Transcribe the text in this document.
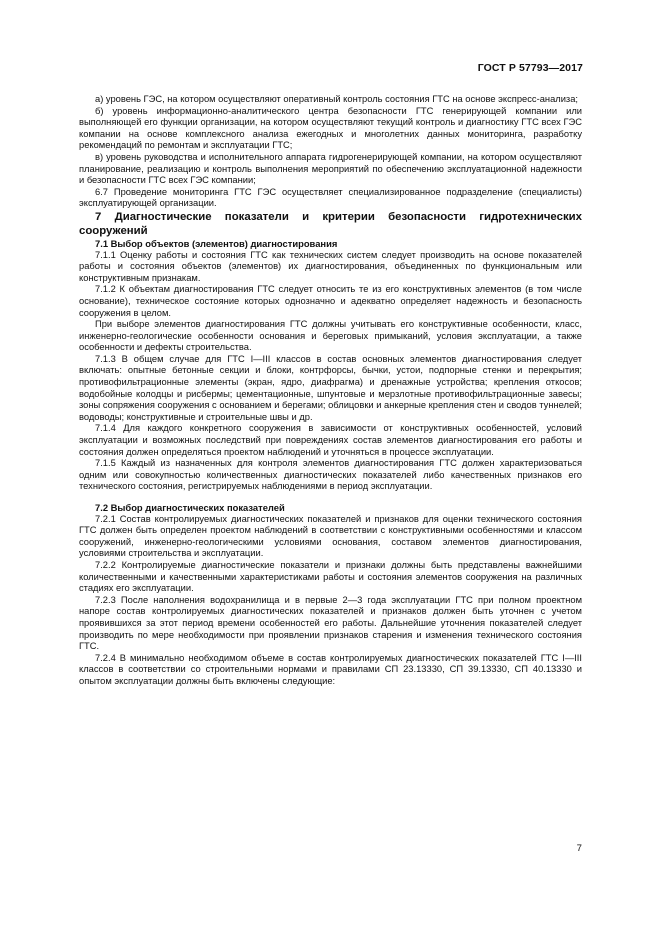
ГОСТ Р 57793—2017

а) уровень ГЭС, на котором осуществляют оперативный контроль состояния ГТС на основе экспресс-анализа;

б) уровень информационно-аналитического центра безопасности ГТС генерирующей компании или выполняющей его функции организации, на котором осуществляют текущий контроль и диагностику ГТС всех ГЭС компании на основе комплексного анализа ежегодных и многолетних данных мониторинга, разработку рекомендаций по ремонтам и эксплуатации ГТС;

в) уровень руководства и исполнительного аппарата гидрогенерирующей компании, на котором осуществляют планирование, реализацию и контроль выполнения мероприятий по обеспечению эксплуатационной надежности и безопасности ГТС всех ГЭС компании;

6.7 Проведение мониторинга ГТС ГЭС осуществляет специализированное подразделение (специалисты) эксплуатирующей организации.

7 Диагностические показатели и критерии безопасности гидротехнических сооружений

7.1 Выбор объектов (элементов) диагностирования

7.1.1 Оценку работы и состояния ГТС как технических систем следует производить на основе показателей работы и состояния объектов (элементов) их диагностирования, объединенных по функциональным или конструктивным признакам.

7.1.2 К объектам диагностирования ГТС следует относить те из его конструктивных элементов (в том числе основание), техническое состояние которых однозначно и адекватно определяет надежность и безопасность сооружения в целом.

При выборе элементов диагностирования ГТС должны учитывать его конструктивные особенности, класс, инженерно-геологические особенности основания и береговых примыканий, условия эксплуатации, а также особенности и дефекты строительства.

7.1.3 В общем случае для ГТС I—III классов в состав основных элементов диагностирования следует включать: опытные бетонные секции и блоки, контрфорсы, бычки, устои, подпорные стенки и перекрытия; противофильтрационные элементы (экран, ядро, диафрагма) и дренажные устройства; крепления откосов; водобойные колодцы и рисбермы; цементационные, шпунтовые и мерзлотные противофильтрационные завесы; зоны сопряжения сооружения с основанием и берегами; облицовки и анкерные крепления стен и сводов туннелей; водоводы; конструктивные и строительные швы и др.

7.1.4 Для каждого конкретного сооружения в зависимости от конструктивных особенностей, условий эксплуатации и возможных последствий при повреждениях состав элементов диагностирования его работы и состояния должен определяться проектом наблюдений и уточняться в процессе эксплуатации.

7.1.5 Каждый из назначенных для контроля элементов диагностирования ГТС должен характеризоваться одним или совокупностью количественных диагностических показателей либо качественных признаков его технического состояния, регистрируемых наблюдениями в период эксплуатации.

7.2 Выбор диагностических показателей

7.2.1 Состав контролируемых диагностических показателей и признаков для оценки технического состояния ГТС должен быть определен проектом наблюдений в соответствии с конструктивными особенностями и классом сооружений, инженерно-геологическими условиями основания, составом элементов диагностирования, условиями строительства и эксплуатации.

7.2.2 Контролируемые диагностические показатели и признаки должны быть представлены важнейшими количественными и качественными характеристиками работы и состояния элементов сооружения на различных стадиях его эксплуатации.

7.2.3 После наполнения водохранилища и в первые 2—3 года эксплуатации ГТС при полном проектном напоре состав контролируемых диагностических показателей и признаков должен быть уточнен с учетом проявившихся за этот период времени особенностей его работы. Дальнейшие уточнения показателей следует производить по мере необходимости при проявлении признаков старения и изменения технического состояния ГТС.

7.2.4 В минимально необходимом объеме в состав контролируемых диагностических показателей ГТС I—III классов в соответствии со строительными нормами и правилами СП 23.13330, СП 39.13330, СП 40.13330 и опытом эксплуатации должны быть включены следующие:

7
